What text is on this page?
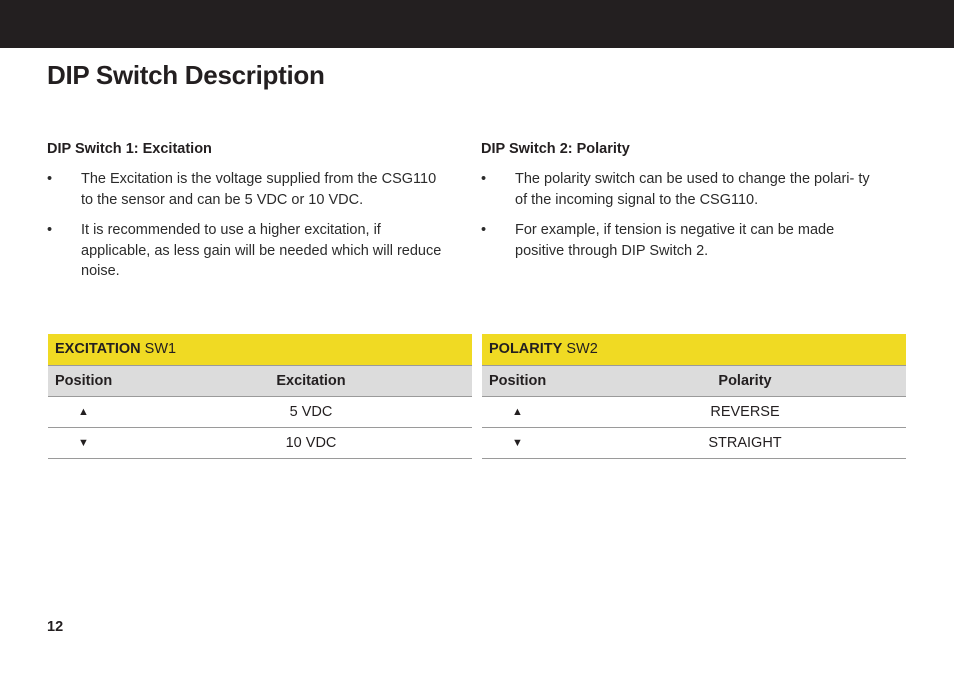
DIP Switch Description
DIP Switch 1: Excitation
• The Excitation is the voltage supplied from the CSG110 to the sensor and can be 5 VDC or 10 VDC.
• It is recommended to use a higher excitation, if applicable, as less gain will be needed which will reduce noise.
DIP Switch 2: Polarity
• The polarity switch can be used to change the polari- ty of the incoming signal to the CSG110.
• For example, if tension is negative it can be made positive through DIP Switch 2.
EXCITATION SW1	
Position	Excitation
▲	5 VDC
▼	10 VDC
POLARITY SW2	
Position	Polarity
▲	REVERSE
▼	STRAIGHT
12
